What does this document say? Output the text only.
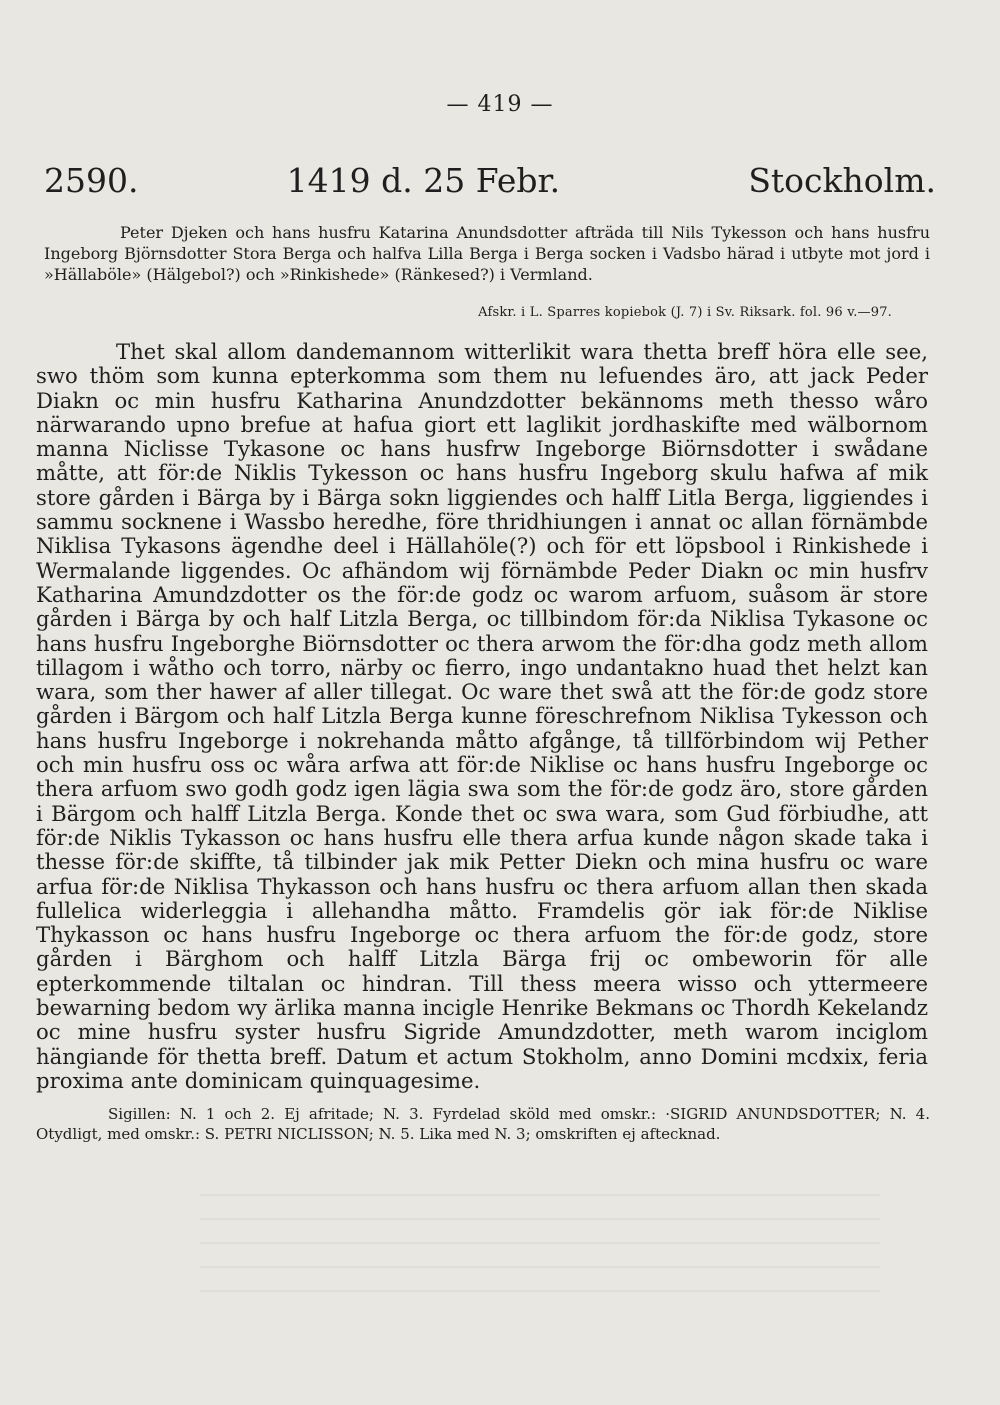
— 419 —
2590.	1419 d. 25 Febr.	Stockholm.
Peter Djeken och hans husfru Katarina Anundsdotter afträda till Nils Tykesson och hans husfru Ingeborg Björnsdotter Stora Berga och halfva Lilla Berga i Berga socken i Vadsbo härad i utbyte mot jord i »Hällaböle» (Hälgebol?) och »Rinkishede» (Ränkesed?) i Vermland.
Afskr. i L. Sparres kopiebok (J. 7) i Sv. Riksark. fol. 96 v.—97.

Thet skal allom dandemannom witterlikit wara thetta breff höra elle see, swo thöm som kunna epterkomma som them nu lefuendes äro, att jack Peder Diakn oc min husfru Katharina Anundzdotter bekännoms meth thesso wåro närwarando upno brefue at hafua giort ett laglikit jordhaskifte med wälbornom manna Niclisse Tykasone oc hans husfrw Ingeborge Biörnsdotter i swådane måtte, att för:de Niklis Tykesson oc hans husfru Ingeborg skulu hafwa af mik store gården i Bärga by i Bärga sokn liggiendes och halff Litla Berga, liggiendes i sammu socknene i Wassbo heredhe, före thridhiungen i annat oc allan förnämbde Niklisa Tykasons ägendhe deel i Hällahöle(?) och för ett löpsbool i Rinkishede i Wermalande liggendes. Oc afhändom wij förnämbde Peder Diakn oc min husfrv Katharina Amundzdotter os the för:de godz oc warom arfuom, suåsom är store gården i Bärga by och half Litzla Berga, oc tillbindom för:da Niklisa Tykasone oc hans husfru Ingeborghe Biörnsdotter oc thera arwom the för:dha godz meth allom tillagom i wåtho och torro, närby oc fierro, ingo undantakno huad thet helzt kan wara, som ther hawer af aller tillegat. Oc ware thet swå att the för:de godz store gården i Bärgom och half Litzla Berga kunne föreschrefnom Niklisa Tykesson och hans husfru Ingeborge i nokrehanda måtto afgånge, tå tillförbindom wij Pether och min husfru oss oc wåra arfwa att för:de Niklise oc hans husfru Ingeborge oc thera arfuom swo godh godz igen lägia swa som the för:de godz äro, store gården i Bärgom och halff Litzla Berga. Konde thet oc swa wara, som Gud förbiudhe, att för:de Niklis Tykasson oc hans husfru elle thera arfua kunde någon skade taka i thesse för:de skiffte, tå tilbinder jak mik Petter Diekn och mina husfru oc ware arfua för:de Niklisa Thykasson och hans husfru oc thera arfuom allan then skada fullelica widerleggia i allehandha måtto. Framdelis gör iak för:de Niklise Thykasson oc hans husfru Ingeborge oc thera arfuom the för:de godz, store gården i Bärghom och halff Litzla Bärga frij oc ombeworin för alle epterkommende tiltalan oc hindran. Till thess meera wisso och yttermeere bewarning bedom wy ärlika manna incigle Henrike Bekmans oc Thordh Kekelandz oc mine husfru syster husfru Sigride Amundzdotter, meth warom inciglom hängiande för thetta breff. Datum et actum Stokholm, anno Domini mcdxix, feria proxima ante dominicam quinquagesime.

Sigillen: N. 1 och 2. Ej afritade; N. 3. Fyrdelad sköld med omskr.: ·SIGRID ANUNDSDOTTER; N. 4. Otydligt, med omskr.: S. PETRI NICLISSON; N. 5. Lika med N. 3; omskriften ej aftecknad.
